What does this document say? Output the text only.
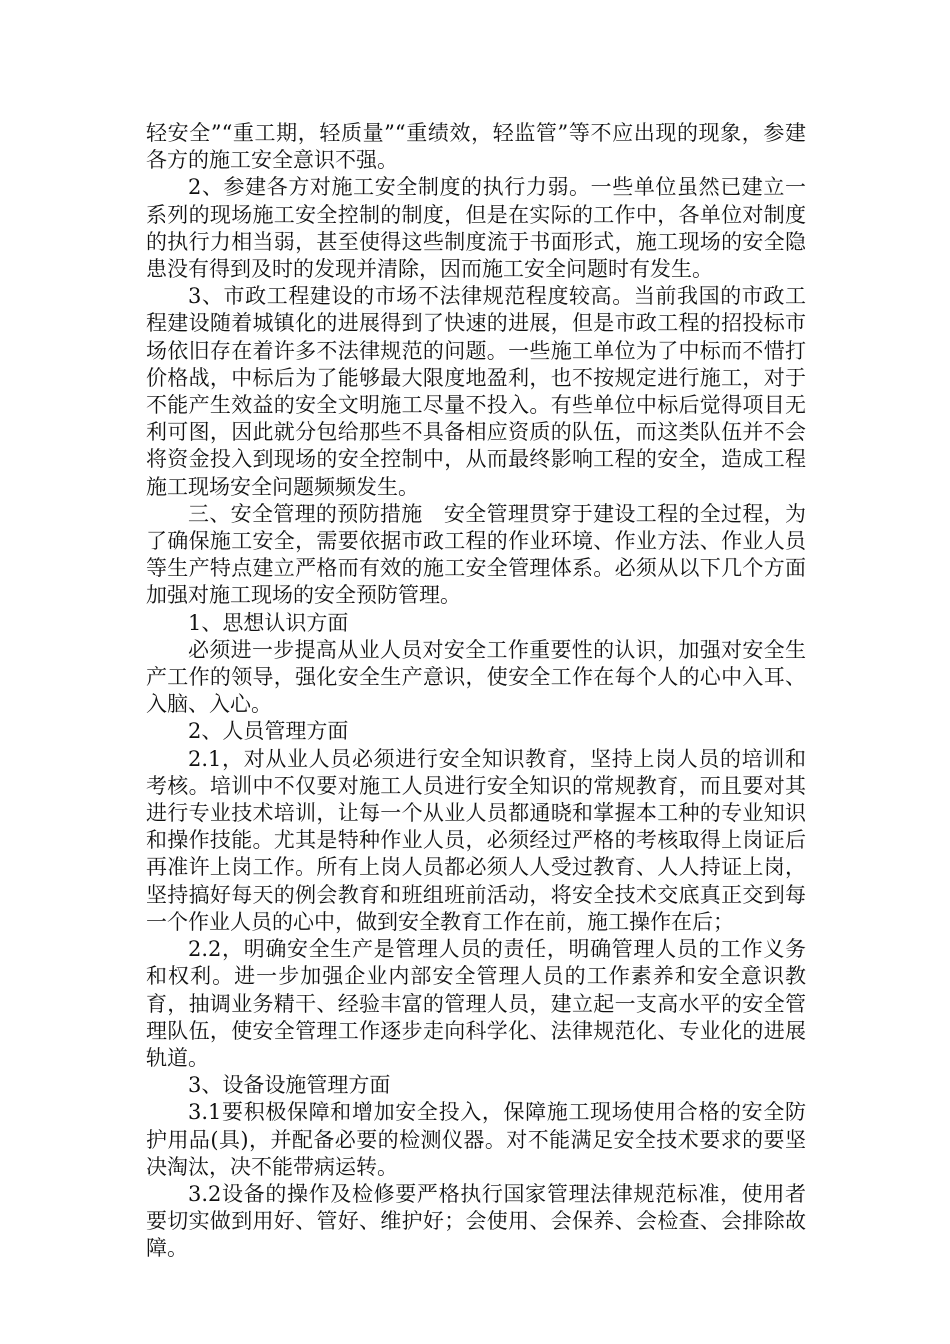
轻安全”“重工期，轻质量”“重绩效，轻监管”等不应出现的现象，参建各方的施工安全意识不强。

2、参建各方对施工安全制度的执行力弱。一些单位虽然已建立一系列的现场施工安全控制的制度，但是在实际的工作中，各单位对制度的执行力相当弱，甚至使得这些制度流于书面形式，施工现场的安全隐患没有得到及时的发现并清除，因而施工安全问题时有发生。

3、市政工程建设的市场不法律规范程度较高。当前我国的市政工程建设随着城镇化的进展得到了快速的进展，但是市政工程的招投标市场依旧存在着许多不法律规范的问题。一些施工单位为了中标而不惜打价格战，中标后为了能够最大限度地盈利，也不按规定进行施工，对于不能产生效益的安全文明施工尽量不投入。有些单位中标后觉得项目无利可图，因此就分包给那些不具备相应资质的队伍，而这类队伍并不会将资金投入到现场的安全控制中，从而最终影响工程的安全，造成工程施工现场安全问题频频发生。

三、安全管理的预防措施　安全管理贯穿于建设工程的全过程，为了确保施工安全，需要依据市政工程的作业环境、作业方法、作业人员等生产特点建立严格而有效的施工安全管理体系。必须从以下几个方面加强对施工现场的安全预防管理。

1、思想认识方面

必须进一步提高从业人员对安全工作重要性的认识，加强对安全生产工作的领导，强化安全生产意识，使安全工作在每个人的心中入耳、入脑、入心。

2、人员管理方面

2.1，对从业人员必须进行安全知识教育，坚持上岗人员的培训和考核。培训中不仅要对施工人员进行安全知识的常规教育，而且要对其进行专业技术培训，让每一个从业人员都通晓和掌握本工种的专业知识和操作技能。尤其是特种作业人员，必须经过严格的考核取得上岗证后再准许上岗工作。所有上岗人员都必须人人受过教育、人人持证上岗，坚持搞好每天的例会教育和班组班前活动，将安全技术交底真正交到每一个作业人员的心中，做到安全教育工作在前，施工操作在后；

2.2，明确安全生产是管理人员的责任，明确管理人员的工作义务和权利。进一步加强企业内部安全管理人员的工作素养和安全意识教育，抽调业务精干、经验丰富的管理人员，建立起一支高水平的安全管理队伍，使安全管理工作逐步走向科学化、法律规范化、专业化的进展轨道。

3、设备设施管理方面

3.1要积极保障和增加安全投入，保障施工现场使用合格的安全防护用品(具)，并配备必要的检测仪器。对不能满足安全技术要求的要坚决淘汰，决不能带病运转。

3.2设备的操作及检修要严格执行国家管理法律规范标准，使用者要切实做到用好、管好、维护好；会使用、会保养、会检查、会排除故障。
